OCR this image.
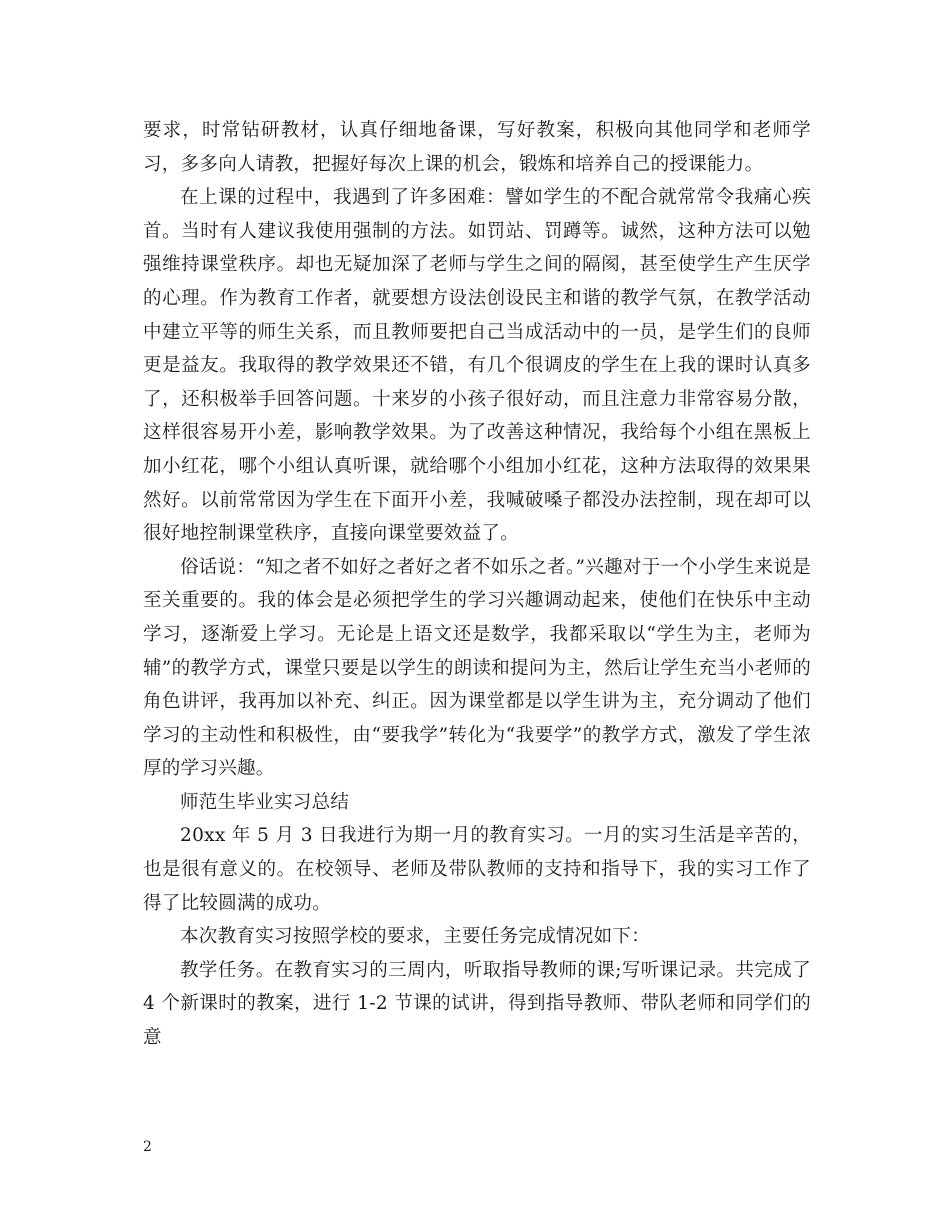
要求，时常钻研教材，认真仔细地备课，写好教案，积极向其他同学和老师学习，多多向人请教，把握好每次上课的机会，锻炼和培养自己的授课能力。

在上课的过程中，我遇到了许多困难：譬如学生的不配合就常常令我痛心疾首。当时有人建议我使用强制的方法。如罚站、罚蹲等。诚然，这种方法可以勉强维持课堂秩序。却也无疑加深了老师与学生之间的隔阂，甚至使学生产生厌学的心理。作为教育工作者，就要想方设法创设民主和谐的教学气氛，在教学活动中建立平等的师生关系，而且教师要把自己当成活动中的一员，是学生们的良师更是益友。我取得的教学效果还不错，有几个很调皮的学生在上我的课时认真多了，还积极举手回答问题。十来岁的小孩子很好动，而且注意力非常容易分散，这样很容易开小差，影响教学效果。为了改善这种情况，我给每个小组在黑板上加小红花，哪个小组认真听课，就给哪个小组加小红花，这种方法取得的效果果然好。以前常常因为学生在下面开小差，我喊破嗓子都没办法控制，现在却可以很好地控制课堂秩序，直接向课堂要效益了。

俗话说：“知之者不如好之者好之者不如乐之者。”兴趣对于一个小学生来说是至关重要的。我的体会是必须把学生的学习兴趣调动起来，使他们在快乐中主动学习，逐渐爱上学习。无论是上语文还是数学，我都采取以“学生为主，老师为辅”的教学方式，课堂只要是以学生的朗读和提问为主，然后让学生充当小老师的角色讲评，我再加以补充、纠正。因为课堂都是以学生讲为主，充分调动了他们学习的主动性和积极性，由“要我学”转化为“我要学”的教学方式，激发了学生浓厚的学习兴趣。

师范生毕业实习总结

20xx 年 5 月 3 日我进行为期一月的教育实习。一月的实习生活是辛苦的，也是很有意义的。在校领导、老师及带队教师的支持和指导下，我的实习工作了得了比较圆满的成功。

本次教育实习按照学校的要求，主要任务完成情况如下：

教学任务。在教育实习的三周内，听取指导教师的课;写听课记录。共完成了 4 个新课时的教案，进行 1-2 节课的试讲，得到指导教师、带队老师和同学们的意

2
